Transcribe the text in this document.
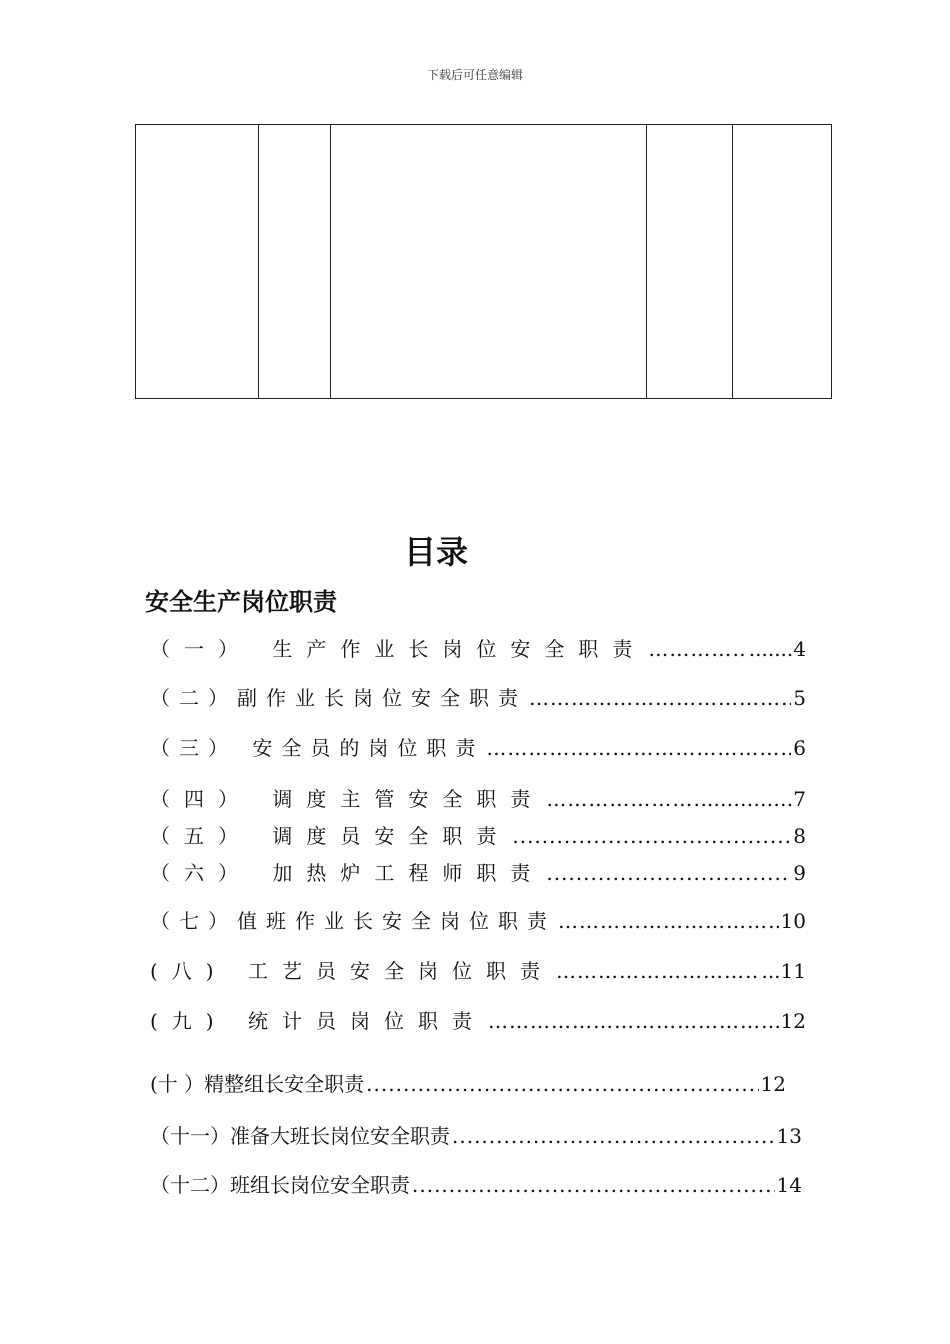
下载后可任意编辑

目录
安全生产岗位职责
（一） 生产作业长岗位安全职责 ……………………………………………………………………………………………………………………………………………	.......4
（二）副作业长岗位安全职责 ……………………………………………………………………………………………………………………………………………	5
（三） 安全员的岗位职责 ……………………………………………………………………………………………………………………………………………	6
（四） 调度主管安全职责 ……………………………………………………………………………………………………………………………………………	..…………7
（五） 调度员安全职责 .....	8
（六） 加热炉工程师职责 .....	9
（七）值班作业长安全岗位职责 ……………………………………………………………………………………………………………………………………………	10
(八) 工艺员安全岗位职责 ……………………………………………………………………………………………………………………………………………	...11
(九) 统计员岗位职责 ……………………………………………………………………………………………………………………………………………	12
(十 ）精整组长安全职责 .....	12
（十一）准备大班长岗位安全职责 .....	13
（十二）班组长岗位安全职责 .....	14
